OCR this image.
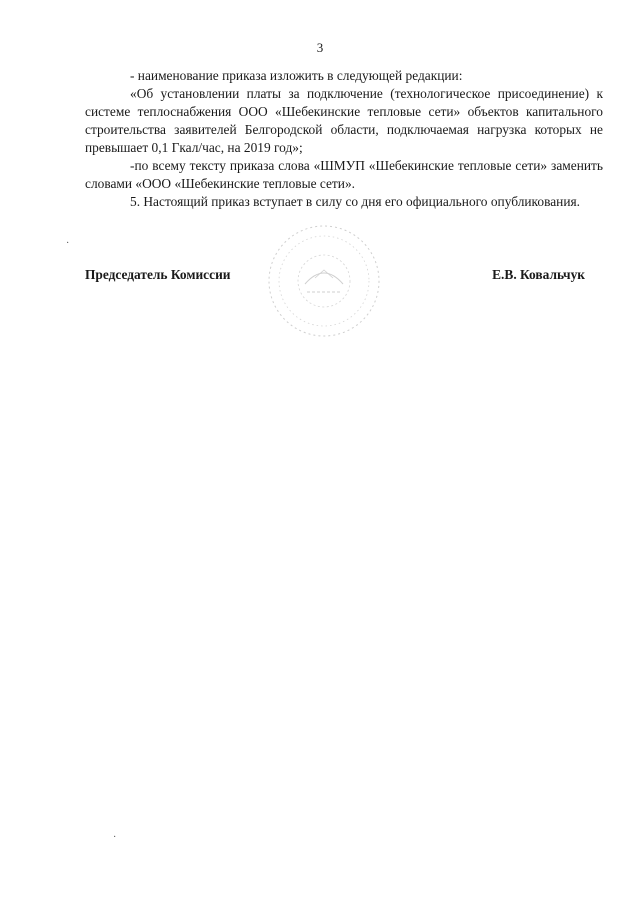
3

- наименование приказа изложить в следующей редакции:

«Об установлении платы за подключение (технологическое присоединение) к системе теплоснабжения ООО «Шебекинские тепловые сети» объектов капитального строительства заявителей Белгородской области, подключаемая нагрузка которых не превышает 0,1 Гкал/час, на 2019 год»;

-по всему тексту приказа слова «ШМУП «Шебекинские тепловые сети» заменить словами «ООО «Шебекинские тепловые сети».

5. Настоящий приказ вступает в силу со дня его официального опубликования.

Председатель Комиссии	Е.В. Ковальчук
·
·
